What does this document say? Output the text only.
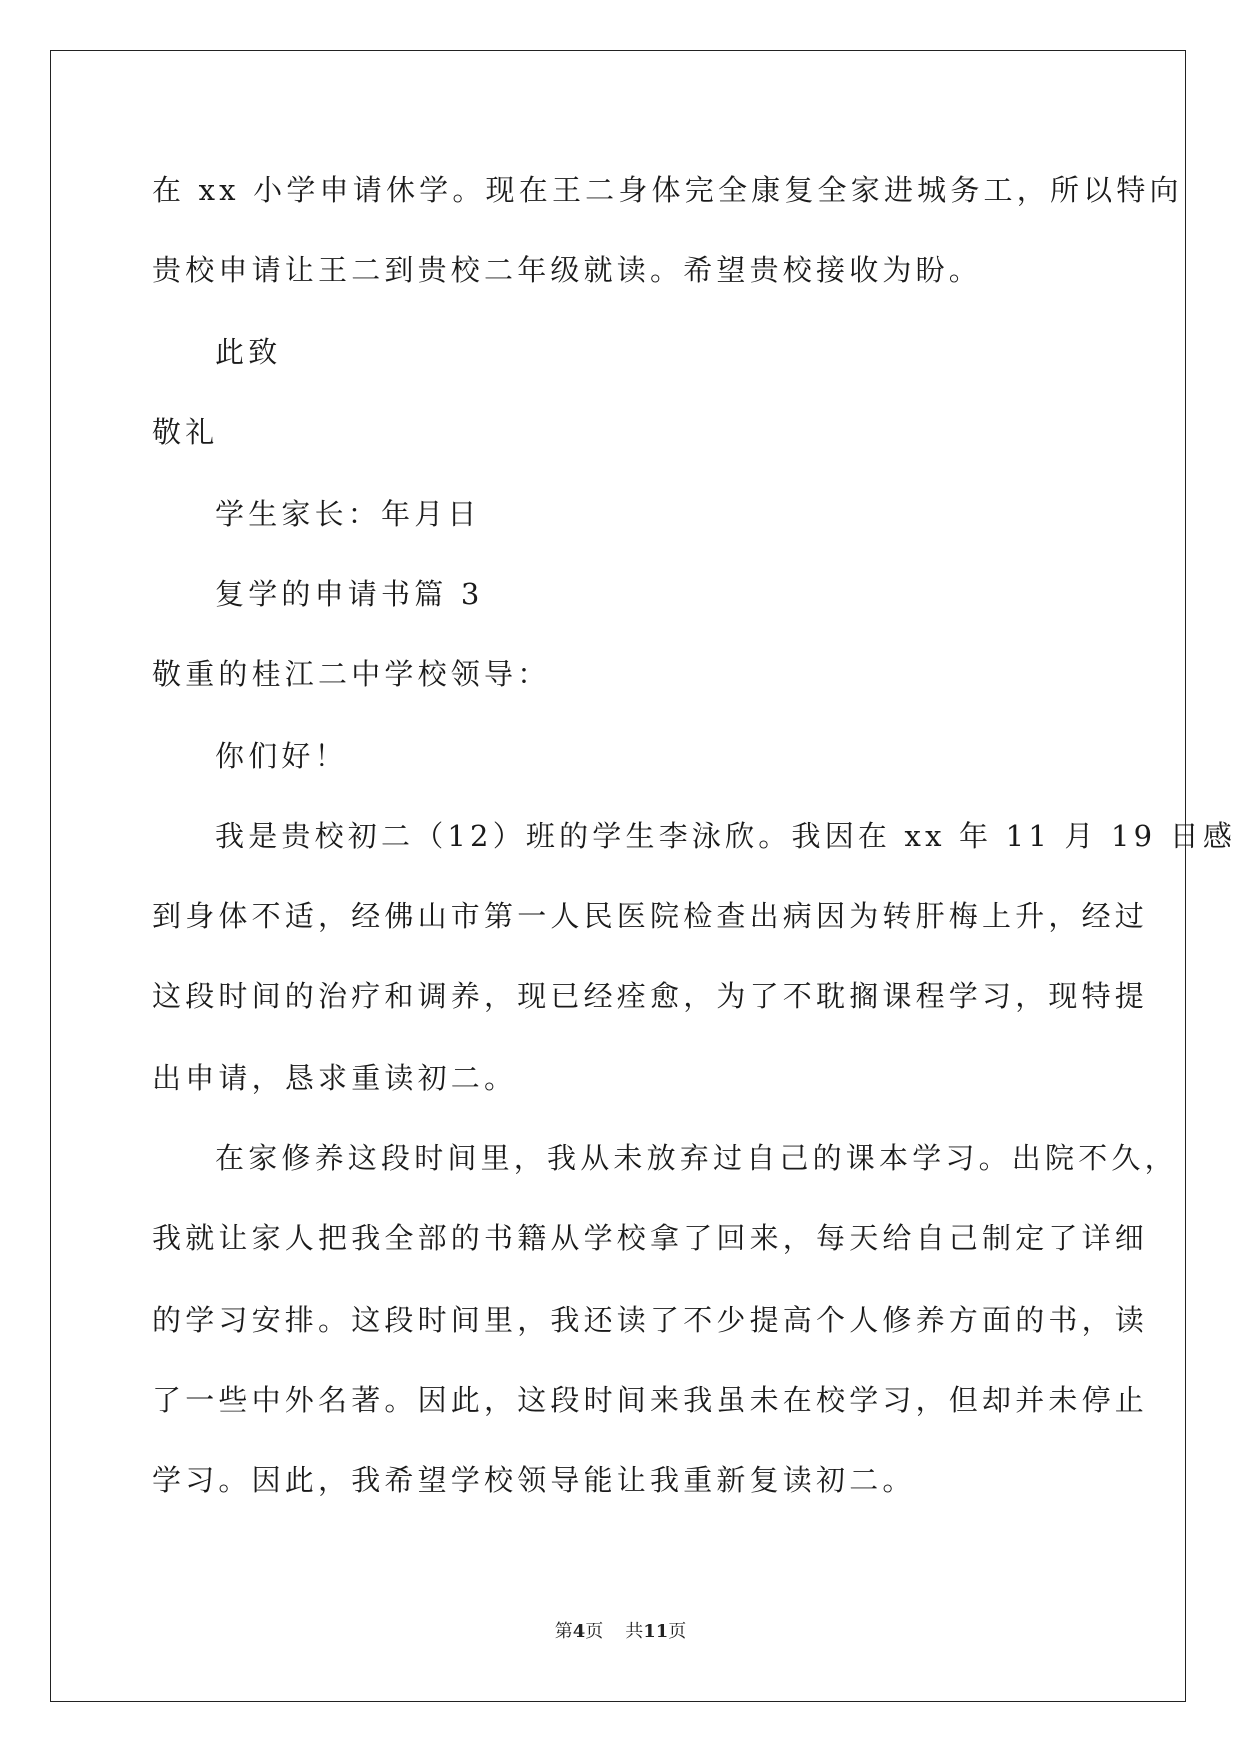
在 xx 小学申请休学。现在王二身体完全康复全家进城务工，所以特向

贵校申请让王二到贵校二年级就读。希望贵校接收为盼。

此致

敬礼

学生家长：年月日

复学的申请书篇 3

敬重的桂江二中学校领导：

你们好！

我是贵校初二（12）班的学生李泳欣。我因在 xx 年 11 月 19 日感

到身体不适，经佛山市第一人民医院检查出病因为转肝梅上升，经过

这段时间的治疗和调养，现已经痊愈，为了不耽搁课程学习，现特提

出申请，恳求重读初二。

在家修养这段时间里，我从未放弃过自己的课本学习。出院不久，

我就让家人把我全部的书籍从学校拿了回来，每天给自己制定了详细

的学习安排。这段时间里，我还读了不少提高个人修养方面的书，读

了一些中外名著。因此，这段时间来我虽未在校学习，但却并未停止

学习。因此，我希望学校领导能让我重新复读初二。

第4页 共11页
